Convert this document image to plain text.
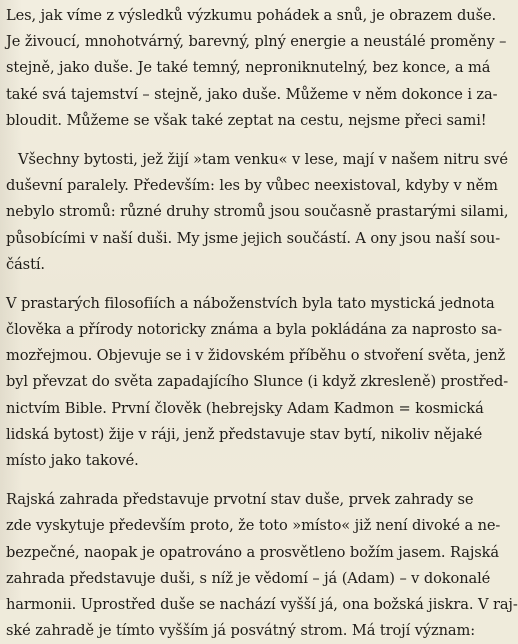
Les, jak víme z výsledků výzkumu pohádek a snů, je obrazem duše.
Je živoucí, mnohotvárný, barevný, plný energie a neustálé proměny –
stejně, jako duše. Je také temný, neproniknutelný, bez konce, a má
také svá tajemství – stejně, jako duše. Můžeme v něm dokonce i za-
bloudit. Můžeme se však také zeptat na cestu, nejsme přeci sami!
Všechny bytosti, jež žijí »tam venku« v lese, mají v našem nitru své
duševní paralely. Především: les by vůbec neexistoval, kdyby v něm
nebylo stromů: různé druhy stromů jsou současně prastarými silami,
působícími v naší duši. My jsme jejich součástí. A ony jsou naší sou-
částí.
V prastarých filosofiích a náboženstvích byla tato mystická jednota
člověka a přírody notoricky známa a byla pokládána za naprosto sa-
mozřejmou. Objevuje se i v židovském příběhu o stvoření světa, jenž
byl převzat do světa zapadajícího Slunce (i když zkresleně) prostřed-
nictvím Bible. První člověk (hebrejsky Adam Kadmon = kosmická
lidská bytost) žije v ráji, jenž představuje stav bytí, nikoliv nějaké
místo jako takové.
Rajská zahrada představuje prvotní stav duše, prvek zahrady se
zde vyskytuje především proto, že toto »místo« již není divoké a ne-
bezpečné, naopak je opatrováno a prosvětleno božím jasem. Rajská
zahrada představuje duši, s níž je vědomí – já (Adam) – v dokonalé
harmonii. Uprostřed duše se nachází vyšší já, ona božská jiskra. V raj-
ské zahradě je tímto vyšším já posvátný strom. Má trojí význam:
